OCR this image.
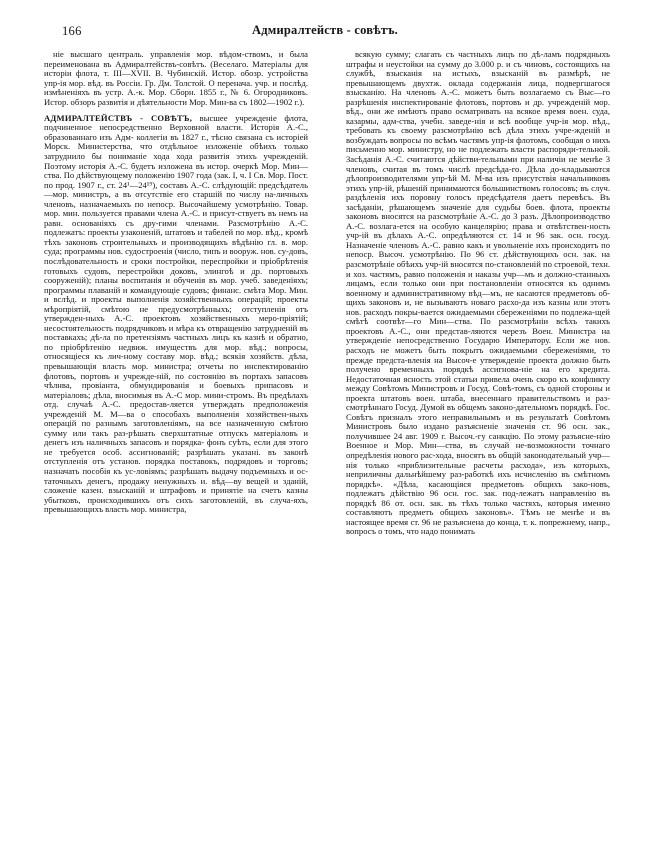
166	Адмиралтейств - совѣтъ.

нie высшаго централь. управленiя мор. вѣдом-ствомъ, и была переименована въ Адмиралтействъ-совѣтъ. (Веселаго. Матерiалы для исторiи флота, т. III—XVII. В. Чубинскiй. Истор. обозр. устройства упр-iя мор. вѣд. въ Россiи. Гр. Дм. Толстой. О перенача. учр. и послѣд. измѣненiяхъ въ устр. А.-к. Мор. Сборн. 1855 г., № 6. Огородниковъ. Истор. обзоръ развитiя и дѣятельности Мор. Мин-ва съ 1802—1902 г.).

АДМИРАЛТЕЙСТВЪ - СОВѢТЪ, высшее учрежденiе флота, подчиненное непосредственно Верховной власти. Исторiя А.-С., образованнаго изъ Адм- коллегiи въ 1827 г., тѣсно связана съ исторiей Морск. Министерства, что отдѣльное изложенiе обѣихъ только затруднило бы пониманiе хода хода развитiя этихъ учрежденiй. Поэтому исторiя А.-С. будетъ изложена въ истор. очеркѣ Мор. Мин—ства. По дѣйствующему положенiю 1907 года (зак. I, ч. I Св. Мор. Пост. по прод. 1907 г., ст. 24¹—24¹⁹), составъ А.-С. слѣдующiй: предсѣдатель—мор. министръ, а въ отсутствiе его старшiй по числу на-личныхъ членовъ, назначаемыхъ по непоср. Высочайшему усмотрѣнiю. Товар. мор. мин. пользуется правами члена А.-С. и присут-ствуетъ въ немъ на равн. основанiяхъ съ дру-гими членами. Разсмотрѣнiю А.-С. подлежатъ: проекты узаконенiй, штатовъ и табелей по мор. вѣд., кромѣ тѣхъ законовъ строительныхъ и производящихъ вѣдѣнiю гл. в. мор. суда; программы нов. судостроенiя (число, типъ и вооруж. нов. су-довъ, послѣдовательность и сроки постройки, переспройки и прiобрѣтенiя готовыхъ судовъ, перестройки доковъ, элингоѣ и др. портовыхъ сооруженiй); планы воспитанiя и обученiя въ мор. учеб. заведенiяхъ; программы плаванiй и командующiе судовъ; финанс. смѣта Мор. Мин. и вслѣд. и проекты выполненiя хозяйственныхъ операцiй; проекты мѣропрiятiй, смѣтою не предусмотрѣнныхъ; отступленiя отъ утвержден-ныхъ А.-С. проектовъ хозяйственныхъ меро-прiятiй; несостоятельность подрядчиковъ и мѣра къ отвращенiю затрудненiй въ поставкахъ; дѣ-ла по претензiямъ частныхъ лицъ къ казнѣ и обратно, по прiобрѣтенiю недвиж. имуществъ для мор. вѣд.; вопросы, относящiеся къ лич-ному составу мор. вѣд.; всякiя хозяйств. дѣла, превышающiя власть мор. министра; отчеты по инспектированiю флотовъ, портовъ и учрежде-нiй, по состоянiю въ портахъ запасовъ чѣлнва, провiанта, обмундированiя и боевыхъ припасовъ и матерiаловъ; дѣла, вносимыя въ А.-С мор. мини-стромъ. Въ предѣлахъ отд. случаѣ А.-С. предостав-ляется утверждать предположенiя учрежденiй М. М—ва о способахъ выполненiя хозяйствен-ныхъ операцiй по разнымъ заготовленiямъ, на все назначенную смѣтою сумму или такъ раз-рѣшать сверхштатные отпускъ матерiаловъ и денегъ изъ наличныхъ запасовъ и порядка- фонъ суѣть, если для этого не требуется особ. ассигнованiй; разрѣшать указанi. въ законѣ отступленiя отъ установ. порядка поставокъ, подрядовъ и торговъ; назначать пособiя къ ус-ловiямъ; разрѣшать выдачу подъемныхъ и ос-таточныхъ денегъ, продажу ненужныхъ и. вѣд—ву вещей и зданiй, сложенiе казен. взысканiй и штрафовъ и принятiе на счетъ казны убытковъ, происходившихъ отъ сихъ заготовленiй, въ случа-яхъ, превышающихъ власть мор. министра,

всякую сумму; слагать съ частныхъ лицъ по дѣ-ламъ подрядныхъ штрафы и неустойки на сумму до 3.000 р. и съ чиновъ, состоящихъ на службѣ, взысканiя на истыхъ, взысканiй въ размѣрѣ, не превышающемъ двухтж. оклада содержанiя лица, подвергшагося взысканiю. На членовъ А.-С. можетъ быть возлагаемо съ Выс—го разрѣшенiя инспектированiе флотовъ, портовъ и др. учрежденiй мор. вѣд., они же имѣютъ право осматривать на всякое время воен. суда, казармы, адм-ства, учебн. заведе-нiя и всѣ вообще учр-iя мор. вѣд., требовать къ своему разсмотрѣнiю всѣ дѣла этихъ учре-жденiй и возбуждать вопросы по всѣмъ частямъ упр-iя флотомъ, сообщая о нихъ письменно мор. министру, но не подлежать власти распоряди-тельной. Засѣданiя А.-С. считаются дѣйстви-тельными при наличiи не менѣе 3 членовъ, считая въ томъ числѣ предсѣда-го. Дѣла до-кладываются дѣлопроизводителями упр-ѣй М. М-ва изъ присутствiя начальниковъ этихъ упр-iй, рѣшенiй принимаются большинствомъ голосовъ; въ случ. раздѣленiя ихъ поровну голосъ предсѣдателя даетъ перевѣсъ. Въ засѣданiи, рѣшающемъ значенiе для судьбы боев. флота, проекты законовъ вносятся на разсмотрѣнiе А.-С. до 3 разъ. Дѣлопроизводство А.-С. возлага-ется на особую канцелярiю; права и отвѣтствен-ность учр-iй въ дѣлахъ А.-С. опредѣляются ст. 14 и 96 зак. осн. госуд. Назначенiе членовъ А.-С. равно какъ и увольненiе ихъ происходитъ по непоср. Высоч. усмотрѣнiю. По 96 ст. дѣйствующихъ осн. зак. на разсмотрѣнiе обѣихъ учр-iй вносятся по-становленiй по строевой, техн. и хоз. частямъ, равно положенiя и наказы учр—мъ и должно-станныхъ лицамъ, если только они при постановленiи относятся къ однимъ военному и административному вѣд—мъ, не касаются предметовъ об-щихъ законовъ и, не вызываютъ новаго расхо-да изъ казны или этотъ нов. расходъ покры-вается ожидаемыми сбереженiями по подлежа-щей смѣтѣ соотвѣт—го Мин—ства. По разсмотрѣнiи всѣхъ такихъ проектовъ А.-С., они представ-ляются черезъ Воен. Министра на утвержденiе непосредственно Государю Императору. Если же нов. расходъ не можетъ быть покрытъ ожидаемыми сбереженiями, то прежде предста-вленiя на Высоч-е утвержденiе проекта должно быть получено временныхъ порядкѣ ассигнова-нiе на его кредита. Недостаточная ясность этой статьи привела очень скоро къ конфликту между Совѣтомъ Министровъ и Госуд. Совѣ-томъ, съ одной стороны и проекта штатовъ воен. штаба, внесеннаго правительствомъ и раз-смотрѣннаго Госуд. Думой въ общемъ законо-дательномъ порядкѣ. Гос. Совѣтъ призналъ этого неправильнымъ и въ результатѣ Совѣтомъ Министровъ было издано разъясненiе значенiя ст. 96 осн. зак., получившее 24 авг. 1909 г. Высоч.-гу санкцiю. По этому разъясне-нiю Военное и Мор. Мин—ства, въ случай не-возможности точнаго опредѣленiя нового рас-хода, вносятъ въ общiй законодательный учр—нiя только «приблизительные расчеты расхода», изъ которыхъ, неприличны дальнѣйшему раз-работкѣ ихъ исчисленiю въ смѣтномъ порядкѣ». «Дѣла, касающiяся предметовъ общихъ зако-новъ, подлежатъ дѣйствiю 96 осн. гос. зак. под-лежатъ направленiю въ порядкѣ 86 от. осн. зак. въ тѣхъ только частяхъ, которыя именно составляютъ предметъ общихъ законовъ». Тѣмъ не менѣе и въ настоящее время ст. 96 не разъяснена до конца, т. к. попрежнему, напр., вопросъ о томъ, что надо понимать
